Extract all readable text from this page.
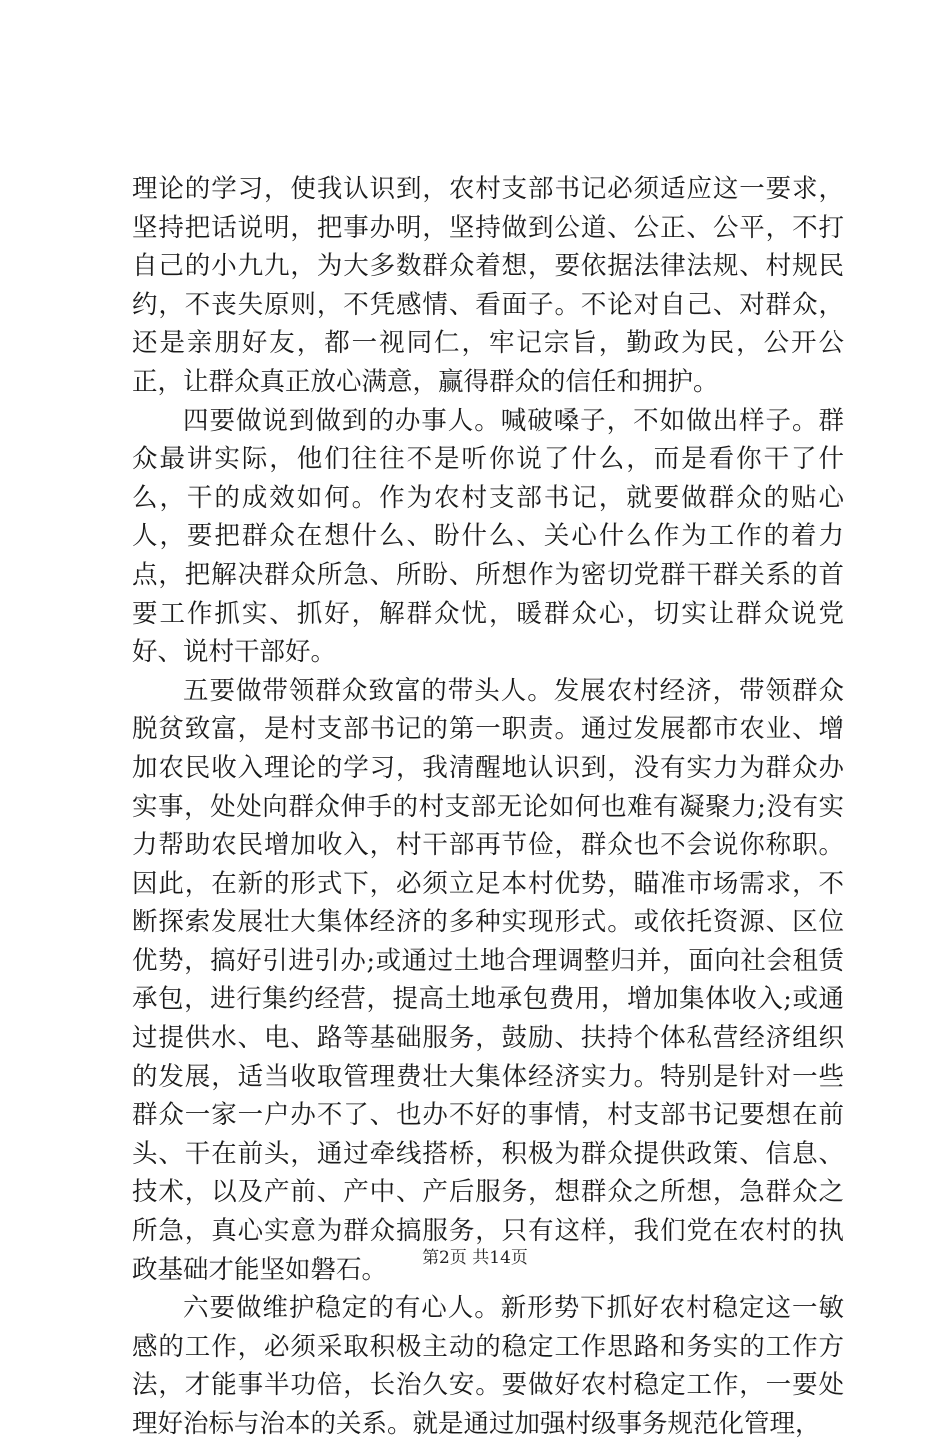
理论的学习，使我认识到，农村支部书记必须适应这一要求，坚持把话说明，把事办明，坚持做到公道、公正、公平，不打自己的小九九，为大多数群众着想，要依据法律法规、村规民约，不丧失原则，不凭感情、看面子。不论对自己、对群众，还是亲朋好友，都一视同仁，牢记宗旨，勤政为民，公开公正，让群众真正放心满意，赢得群众的信任和拥护。

四要做说到做到的办事人。喊破嗓子，不如做出样子。群众最讲实际，他们往往不是听你说了什么，而是看你干了什么，干的成效如何。作为农村支部书记，就要做群众的贴心人，要把群众在想什么、盼什么、关心什么作为工作的着力点，把解决群众所急、所盼、所想作为密切党群干群关系的首要工作抓实、抓好，解群众忧，暖群众心，切实让群众说党好、说村干部好。

五要做带领群众致富的带头人。发展农村经济，带领群众脱贫致富，是村支部书记的第一职责。通过发展都市农业、增加农民收入理论的学习，我清醒地认识到，没有实力为群众办实事，处处向群众伸手的村支部无论如何也难有凝聚力;没有实力帮助农民增加收入，村干部再节俭，群众也不会说你称职。因此，在新的形式下，必须立足本村优势，瞄准市场需求，不断探索发展壮大集体经济的多种实现形式。或依托资源、区位优势，搞好引进引办;或通过土地合理调整归并，面向社会租赁承包，进行集约经营，提高土地承包费用，增加集体收入;或通过提供水、电、路等基础服务，鼓励、扶持个体私营经济组织的发展，适当收取管理费壮大集体经济实力。特别是针对一些群众一家一户办不了、也办不好的事情，村支部书记要想在前头、干在前头，通过牵线搭桥，积极为群众提供政策、信息、技术，以及产前、产中、产后服务，想群众之所想，急群众之所急，真心实意为群众搞服务，只有这样，我们党在农村的执政基础才能坚如磐石。

六要做维护稳定的有心人。新形势下抓好农村稳定这一敏感的工作，必须采取积极主动的稳定工作思路和务实的工作方法，才能事半功倍，长治久安。要做好农村稳定工作，一要处理好治标与治本的关系。就是通过加强村级事务规范化管理，

第2页 共14页
